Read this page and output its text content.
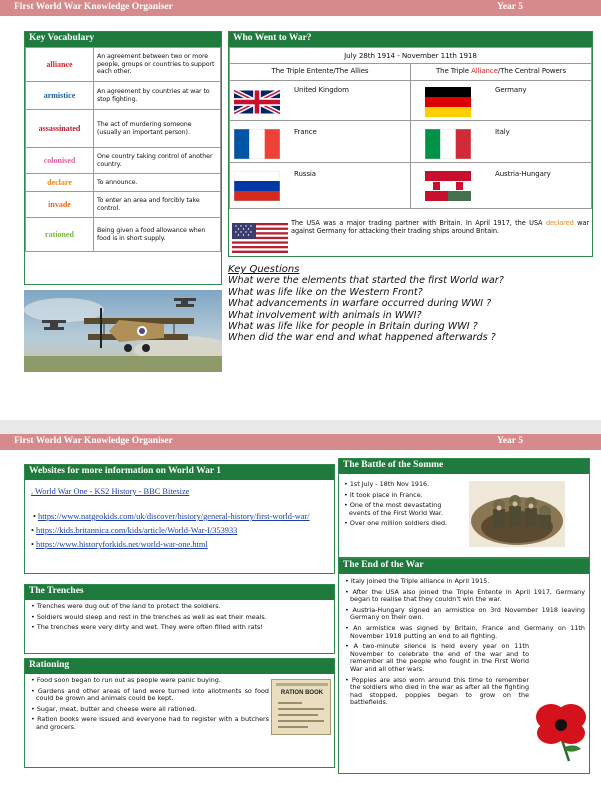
First World War Knowledge Organiser	Year 5
Key Vocabulary
alliance	An agreement between two or more people, groups or countries to support each other.
armistice	An agreement by countries at war to stop fighting.
assassinated	The act of murdering someone (usually an important person).
colonised	One country taking control of another country.
declare	To announce.
invade	To enter an area and forcibly take control.
rationed	Being given a food allowance when food is in short supply.
Who Went to War?
July 28th 1914 - November 11th 1918	
The Triple Entente/The Allies	The Triple Alliance/The Central Powers

United Kingdom	Germany

France	Italy

Russia	Austria-Hungary
The USA was a major trading partner with Britain. In April 1917, the USA declared war against Germany for attacking their trading ships around Britain.
Key Questions
What were the elements that started the first World war?
What was life like on the Western Front?
What advancements in warfare occurred during WWI ?
What involvement with animals in WWI?
What was life like for people in Britain during WWI ?
When did the war end and what happened afterwards ?
First World War Knowledge Organiser	Year 5
Websites for more information on World War 1
. World War One - KS2 History - BBC Bitesize
• https://www.natgeokids.com/uk/discover/history/general-history/first-world-war/
• https://kids.britannica.com/kids/article/World-War-I/353933
• https://www.historyforkids.net/world-war-one.html
The Trenches
• Trenches were dug out of the land to protect the soldiers.
• Soldiers would sleep and rest in the trenches as well as eat their meals.
• The trenches were very dirty and wet. They were often filled with rats!
Rationing
• Food soon began to run out as people were panic buying.
• Gardens and other areas of land were turned into allotments so food could be grown and animals could be kept.
• Sugar, meat, butter and cheese were all rationed.
• Ration books were issued and everyone had to register with a butchers and grocers.
RATION BOOK
The Battle of the Somme
• 1st July - 18th Nov 1916.
• It took place in France.
• One of the most devastating events of the First World War.
• Over one million soldiers died.
The End of the War
• Italy joined the Triple alliance in April 1915.
• After the USA also joined the Triple Entente in April 1917, Germany began to realise that they couldn't win the war.
• Austria-Hungary signed an armistice on 3rd November 1918 leaving Germany on their own.
• An armistice was signed by Britain, France and Germany on 11th November 1918 putting an end to all fighting.
• A two-minute silence is held every year on 11th November to celebrate the end of the war and to remember all the people who fought in the First World War and all other wars.
• Poppies are also worn around this time to remember the soldiers who died in the war as after all the fighting had stopped, poppies began to grow on the battlefields.
